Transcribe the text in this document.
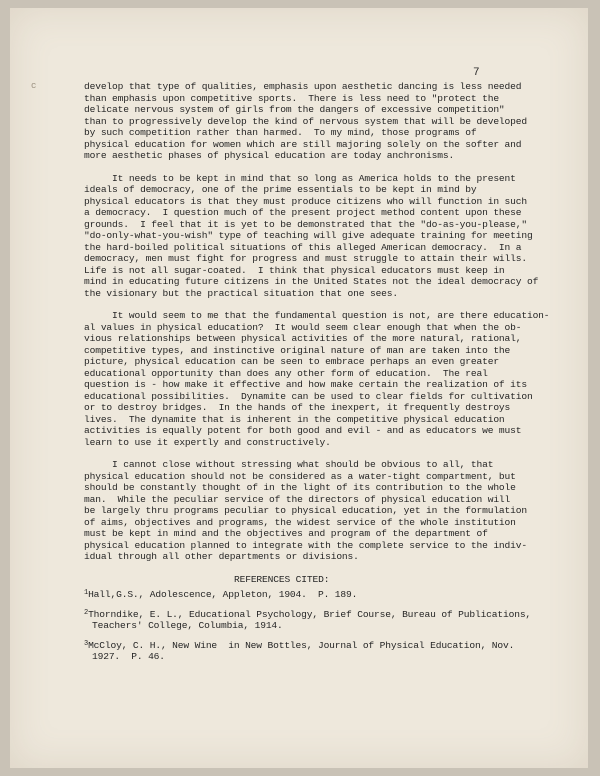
7
c	develop that type of qualities, emphasis upon aesthetic dancing is less needed
than emphasis upon competitive sports.  There is less need to "protect the
delicate nervous system of girls from the dangers of excessive competition"
than to progressively develop the kind of nervous system that will be developed
by such competition rather than harmed.  To my mind, those programs of
physical education for women which are still majoring solely on the softer and
more aesthetic phases of physical education are today anchronisms.
It needs to be kept in mind that so long as America holds to the present
ideals of democracy, one of the prime essentials to be kept in mind by
physical educators is that they must produce citizens who will function in such
a democracy.  I question much of the present project method content upon these
grounds.  I feel that it is yet to be demonstrated that the "do-as-you-please,"
"do-only-what-you-wish" type of teaching will give adequate training for meeting
the hard-boiled political situations of this alleged American democracy.  In a
democracy, men must fight for progress and must struggle to attain their wills.
Life is not all sugar-coated.  I think that physical educators must keep in
mind in educating future citizens in the United States not the ideal democracy of
the visionary but the practical situation that one sees.
It would seem to me that the fundamental question is not, are there education-
al values in physical education?  It would seem clear enough that when the ob-
vious relationships between physical activities of the more natural, rational,
competitive types, and instinctive original nature of man are taken into the
picture, physical education can be seen to embrace perhaps an even greater
educational opportunity than does any other form of education.  The real
question is - how make it effective and how make certain the realization of its
educational possibilities.  Dynamite can be used to clear fields for cultivation
or to destroy bridges.  In the hands of the inexpert, it frequently destroys
lives.  The dynamite that is inherent in the competitive physical education
activities is equally potent for both good and evil - and as educators we must
learn to use it expertly and constructively.
I cannot close without stressing what should be obvious to all, that
physical education should not be considered as a water-tight compartment, but
should be constantly thought of in the light of its contribution to the whole
man.  While the peculiar service of the directors of physical education will
be largely thru programs peculiar to physical education, yet in the formulation
of aims, objectives and programs, the widest service of the whole institution
must be kept in mind and the objectives and program of the department of
physical education planned to integrate with the complete service to the indiv-
idual through all other departments or divisions.
REFERENCES CITED:
$^1$Hall,G.S., Adolescence, Appleton, 1904.  P. 189.
$^2$Thorndike, E. L., Educational Psychology, Brief Course, Bureau of Publications,
Teachers' College, Columbia, 1914.
$^3$McCloy, C. H., New Wine  in New Bottles, Journal of Physical Education, Nov.
1927.  P. 46.
